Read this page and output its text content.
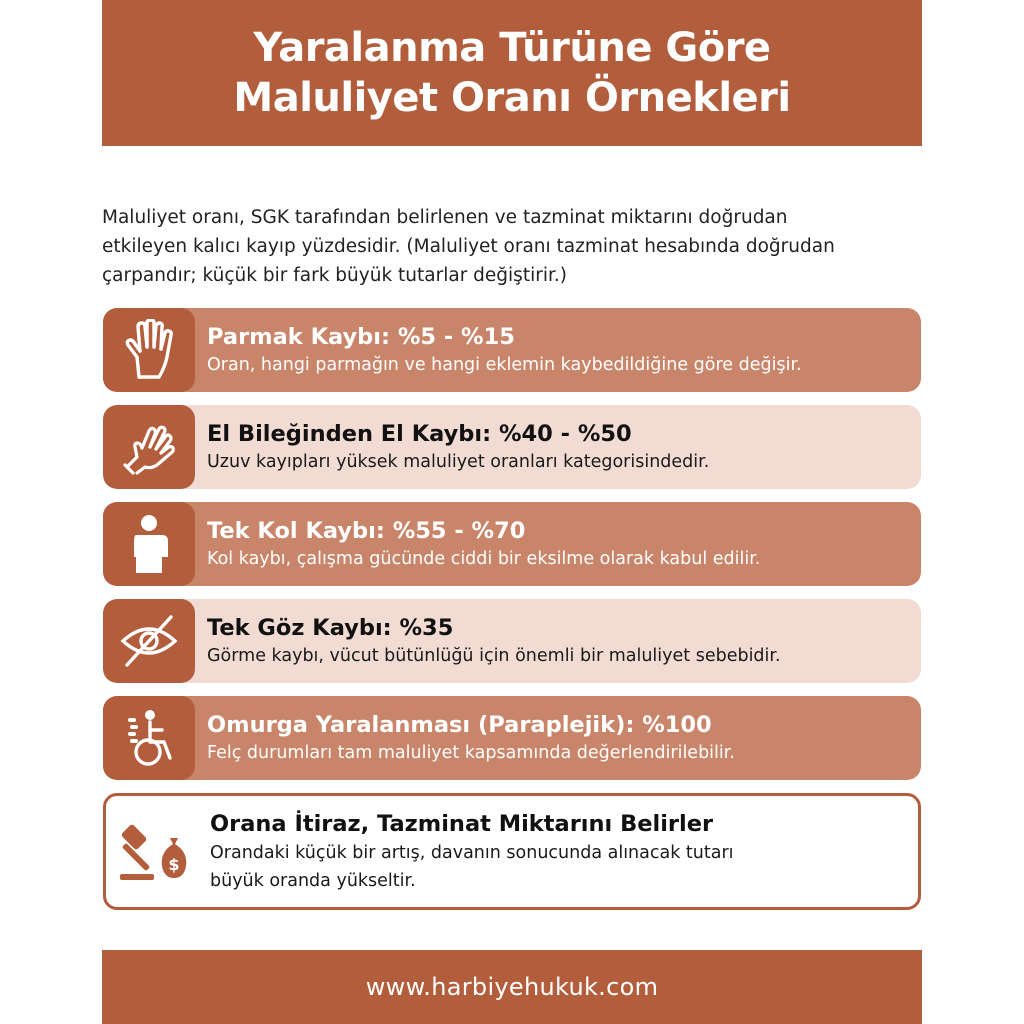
Yaralanma Türüne Göre
Maluliyet Oranı Örnekleri
Maluliyet oranı, SGK tarafından belirlenen ve tazminat miktarını doğrudan
etkileyen kalıcı kayıp yüzdesidir. (Maluliyet oranı tazminat hesabında doğrudan
çarpandır; küçük bir fark büyük tutarlar değiştirir.)
Parmak Kaybı: %5 - %15
Oran, hangi parmağın ve hangi eklemin kaybedildiğine göre değişir.
El Bileğinden El Kaybı: %40 - %50
Uzuv kayıpları yüksek maluliyet oranları kategorisindedir.
Tek Kol Kaybı: %55 - %70
Kol kaybı, çalışma gücünde ciddi bir eksilme olarak kabul edilir.
Tek Göz Kaybı: %35
Görme kaybı, vücut bütünlüğü için önemli bir maluliyet sebebidir.
Omurga Yaralanması (Paraplejik): %100
Felç durumları tam maluliyet kapsamında değerlendirilebilir.
$
Orana İtiraz, Tazminat Miktarını Belirler
Orandaki küçük bir artış, davanın sonucunda alınacak tutarı
büyük oranda yükseltir.
www.harbiyehukuk.com
